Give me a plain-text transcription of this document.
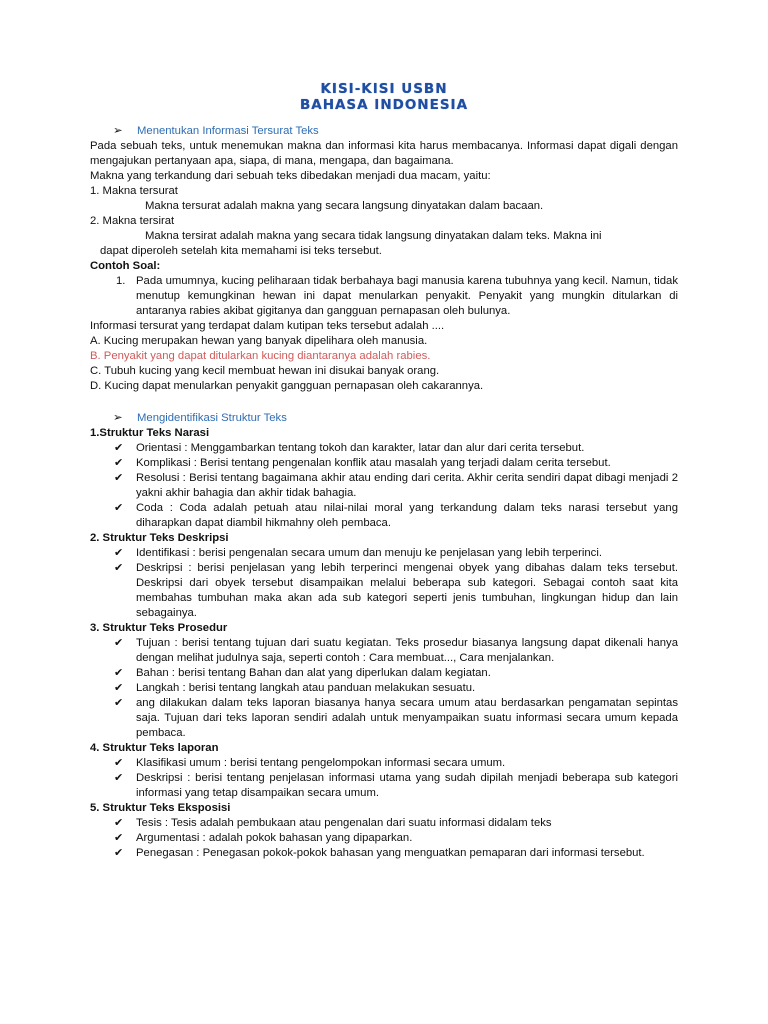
KISI-KISI USBN
BAHASA INDONESIA
➢ Menentukan Informasi Tersurat Teks

Pada sebuah teks, untuk menemukan makna dan informasi kita harus membacanya. Informasi dapat digali dengan mengajukan pertanyaan apa, siapa, di mana, mengapa, dan bagaimana.

Makna yang terkandung dari sebuah teks dibedakan menjadi dua macam, yaitu:

1. Makna tersurat

Makna tersurat adalah makna yang secara langsung dinyatakan dalam bacaan.

2. Makna tersirat

Makna tersirat adalah makna yang secara tidak langsung dinyatakan dalam teks. Makna ini

dapat diperoleh setelah kita memahami isi teks tersebut.

Contoh Soal:

1. Pada umumnya, kucing peliharaan tidak berbahaya bagi manusia karena tubuhnya yang kecil. Namun, tidak menutup kemungkinan hewan ini dapat menularkan penyakit. Penyakit yang mungkin ditularkan di antaranya rabies akibat gigitanya dan gangguan pernapasan oleh bulunya.

Informasi tersurat yang terdapat dalam kutipan teks tersebut adalah ....

A. Kucing merupakan hewan yang banyak dipelihara oleh manusia.

B. Penyakit yang dapat ditularkan kucing diantaranya adalah rabies.

C. Tubuh kucing yang kecil membuat hewan ini disukai banyak orang.

D. Kucing dapat menularkan penyakit gangguan pernapasan oleh cakarannya.

➢ Mengidentifikasi Struktur Teks

1.Struktur Teks Narasi

✔ Orientasi : Menggambarkan tentang tokoh dan karakter, latar dan alur dari cerita tersebut.
✔ Komplikasi : Berisi tentang pengenalan konflik atau masalah yang terjadi dalam cerita tersebut.
✔ Resolusi : Berisi tentang bagaimana akhir atau ending dari cerita. Akhir cerita sendiri dapat dibagi menjadi 2 yakni akhir bahagia dan akhir tidak bahagia.
✔ Coda : Coda adalah petuah atau nilai-nilai moral yang terkandung dalam teks narasi tersebut yang diharapkan dapat diambil hikmahny oleh pembaca.

2. Struktur Teks Deskripsi

✔ Identifikasi : berisi pengenalan secara umum dan menuju ke penjelasan yang lebih terperinci.
✔ Deskripsi : berisi penjelasan yang lebih terperinci mengenai obyek yang dibahas dalam teks tersebut. Deskripsi dari obyek tersebut disampaikan melalui beberapa sub kategori. Sebagai contoh saat kita membahas tumbuhan maka akan ada sub kategori seperti jenis tumbuhan, lingkungan hidup dan lain sebagainya.

3. Struktur Teks Prosedur

✔ Tujuan : berisi tentang tujuan dari suatu kegiatan. Teks prosedur biasanya langsung dapat dikenali hanya dengan melihat judulnya saja, seperti contoh : Cara membuat..., Cara menjalankan.
✔ Bahan : berisi tentang Bahan dan alat yang diperlukan dalam kegiatan.
✔ Langkah : berisi tentang langkah atau panduan melakukan sesuatu.
✔ ang dilakukan dalam teks laporan biasanya hanya secara umum atau berdasarkan pengamatan sepintas saja. Tujuan dari teks laporan sendiri adalah untuk menyampaikan suatu informasi secara umum kepada pembaca.

4. Struktur Teks laporan

✔ Klasifikasi umum : berisi tentang pengelompokan informasi secara umum.
✔ Deskripsi : berisi tentang penjelasan informasi utama yang sudah dipilah menjadi beberapa sub kategori informasi yang tetap disampaikan secara umum.

5. Struktur Teks Eksposisi

✔ Tesis : Tesis adalah pembukaan atau pengenalan dari suatu informasi didalam teks
✔ Argumentasi : adalah pokok bahasan yang dipaparkan.
✔ Penegasan : Penegasan pokok-pokok bahasan yang menguatkan pemaparan dari informasi tersebut.
